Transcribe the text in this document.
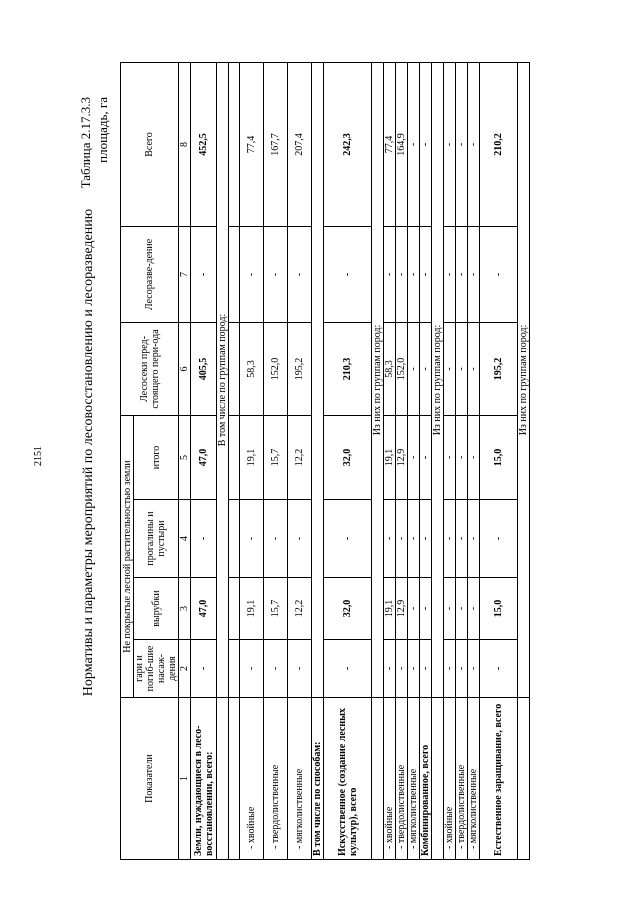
2151
Таблица 2.17.3.3 площадь, га
Нормативы и параметры мероприятий по лесовосстановлению и лесоразведению
Показатели	Не покрытые лесной растительностью земли				Лесосеки пред-стоящего пери-ода	Лесоразве-дение	Всего
	гари и погиб-шие насаж-дения	вырубки	прогалины и пустыри	итого			
1	2	3	4	5	6	7	8
Земли, нуждающиеся в лесо-восстановлении, всего:	-	47,0	-	47,0	405,5	-	452,5
	В том числе по группам пород:						

- хвойные	-	19,1	-	19,1	58,3	-	77,4
- твердолиственные	-	15,7	-	15,7	152,0	-	167,7
- мягколиственные	-	12,2	-	12,2	195,2	-	207,4
В том числе по способам:							
Искусственное (создание лесных культур), всего	-	32,0	-	32,0	210,3	-	242,3
	Из них по группам пород:						
- хвойные	-	19,1	-	19,1	58,3	-	77,4
- твердолиственные	-	12,9	-	12,9	152,0	-	164,9
- мягколиственные	-	-	-	-	-	-	-
Комбинированное, всего	-	-	-	-	-	-	-
	Из них по группам пород:						
- хвойные	-	-	-	-	-	-	-
- твердолиственные	-	-	-	-	-	-	-
- мягколиственные	-	-	-	-	-	-	-
Естественное заращивание, всего	-	15,0	-	15,0	195,2	-	210,2
	Из них по группам пород:						
